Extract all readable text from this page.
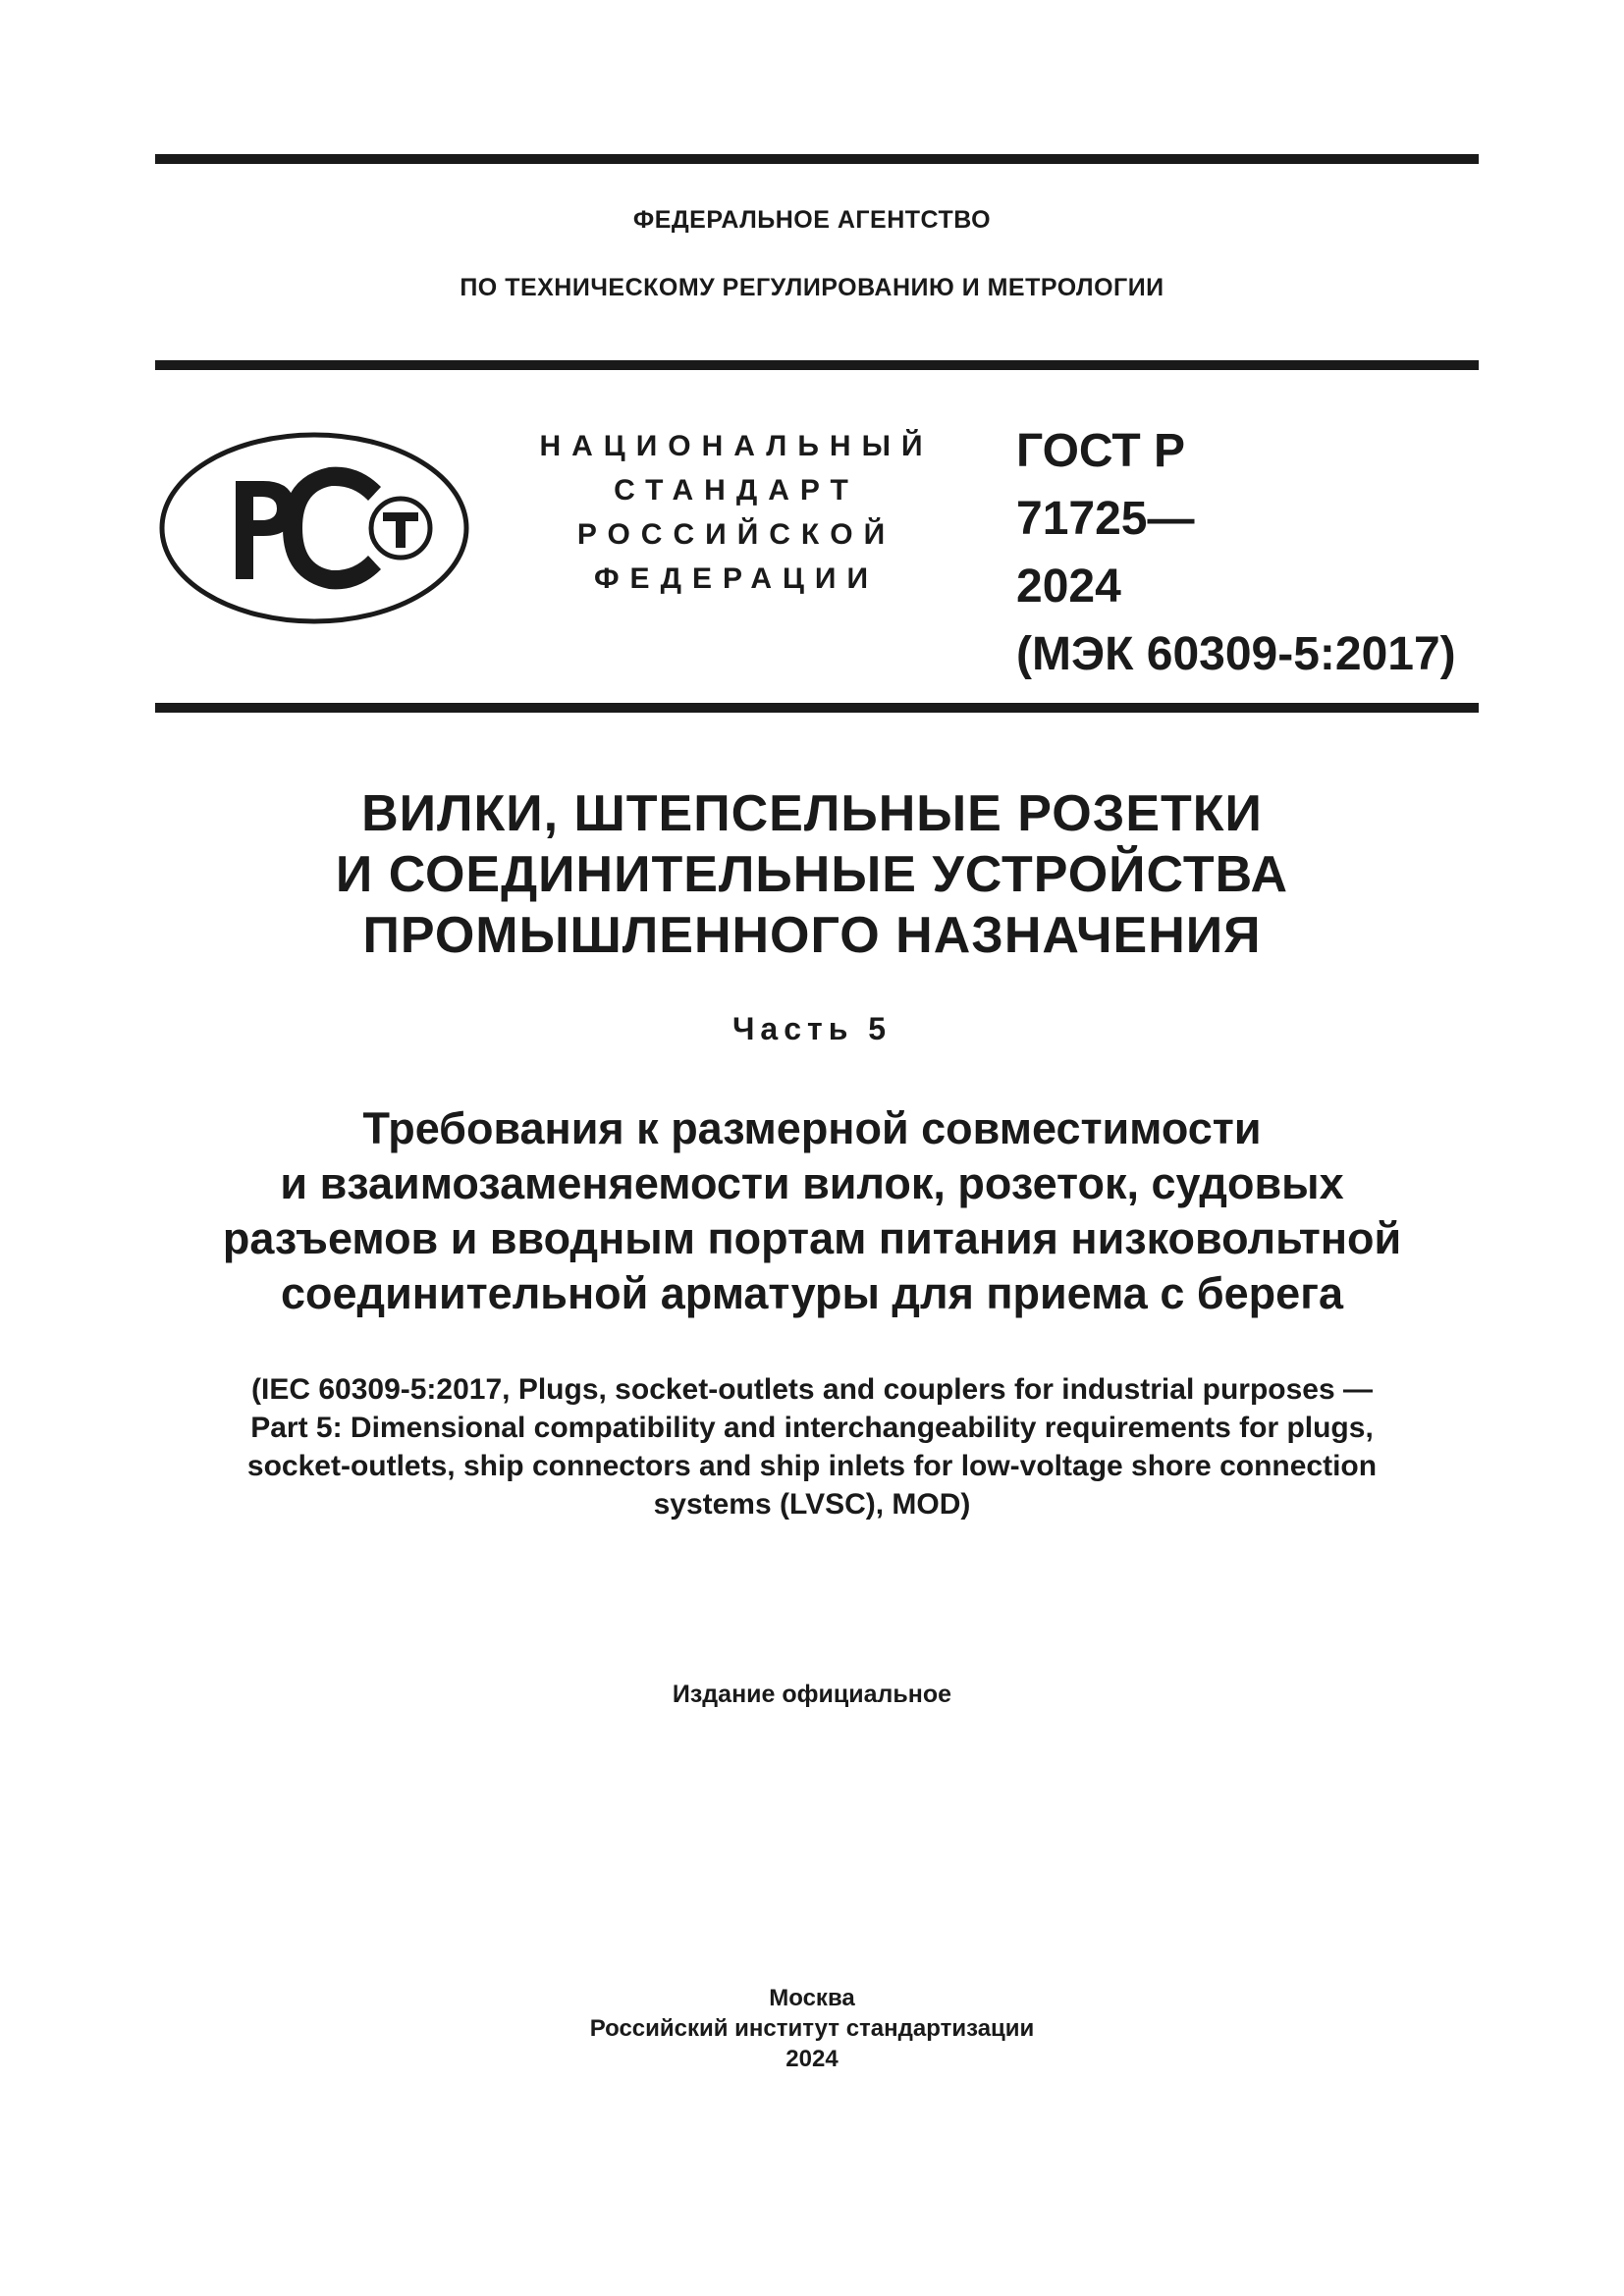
ФЕДЕРАЛЬНОЕ АГЕНТСТВО
ПО ТЕХНИЧЕСКОМУ РЕГУЛИРОВАНИЮ И МЕТРОЛОГИИ
НАЦИОНАЛЬНЫЙ
СТАНДАРТ
РОССИЙСКОЙ
ФЕДЕРАЦИИ
ГОСТ Р
71725—
2024
(МЭК 60309-5:2017)
ВИЛКИ, ШТЕПСЕЛЬНЫЕ РОЗЕТКИ
И СОЕДИНИТЕЛЬНЫЕ УСТРОЙСТВА
ПРОМЫШЛЕННОГО НАЗНАЧЕНИЯ
Часть 5
Требования к размерной совместимости
и взаимозаменяемости вилок, розеток, судовых
разъемов и вводным портам питания низковольтной
соединительной арматуры для приема с берега
(IEC 60309-5:2017, Plugs, socket-outlets and couplers for industrial purposes —
Part 5: Dimensional compatibility and interchangeability requirements for plugs,
socket-outlets, ship connectors and ship inlets for low-voltage shore connection
systems (LVSC), MOD)
Издание официальное
Москва
Российский институт стандартизации
2024
